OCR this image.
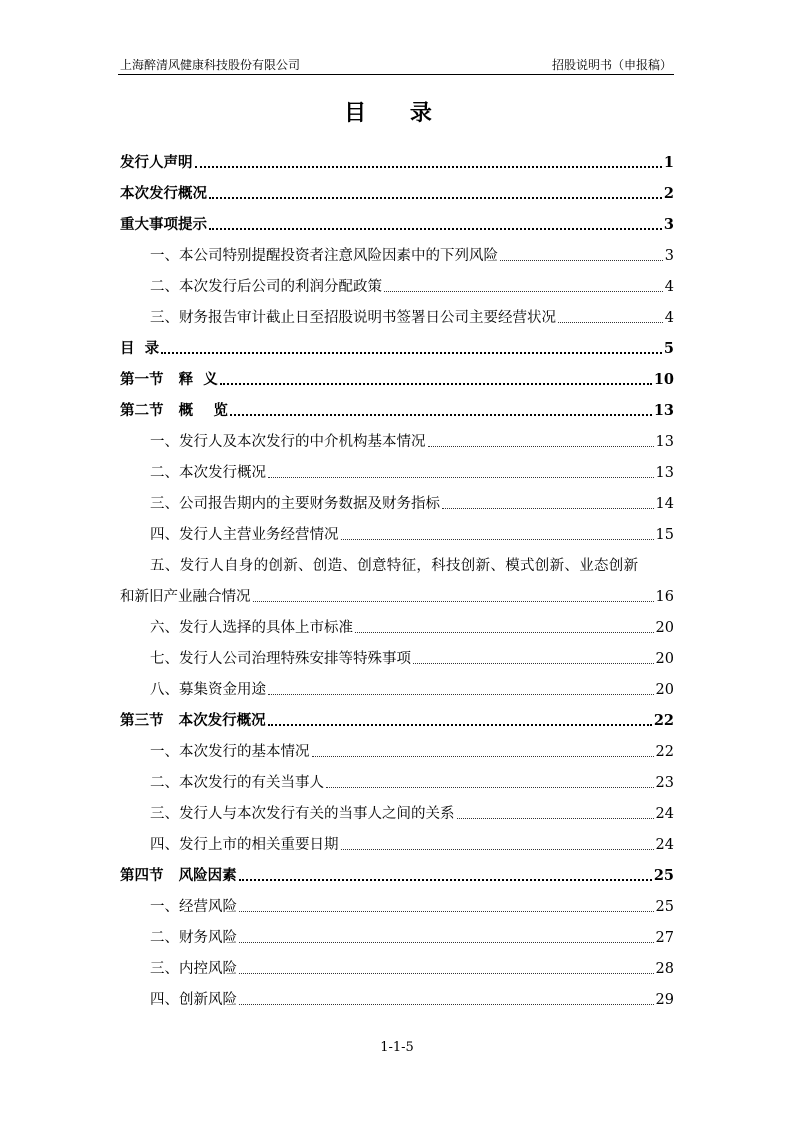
上海醉清风健康科技股份有限公司	招股说明书（申报稿）
目 录
发行人声明	1
本次发行概况	2
重大事项提示	3
一、本公司特别提醒投资者注意风险因素中的下列风险	3
二、本次发行后公司的利润分配政策	4
三、财务报告审计截止日至招股说明书签署日公司主要经营状况	4
目  录	5
第一节   释  义	10
第二节   概    览	13
一、发行人及本次发行的中介机构基本情况	13
二、本次发行概况	13
三、公司报告期内的主要财务数据及财务指标	14
四、发行人主营业务经营情况	15
五、发行人自身的创新、创造、创意特征，科技创新、模式创新、业态创新
和新旧产业融合情况	16
六、发行人选择的具体上市标准	20
七、发行人公司治理特殊安排等特殊事项	20
八、募集资金用途	20
第三节   本次发行概况	22
一、本次发行的基本情况	22
二、本次发行的有关当事人	23
三、发行人与本次发行有关的当事人之间的关系	24
四、发行上市的相关重要日期	24
第四节   风险因素	25
一、经营风险	25
二、财务风险	27
三、内控风险	28
四、创新风险	29
1-1-5
